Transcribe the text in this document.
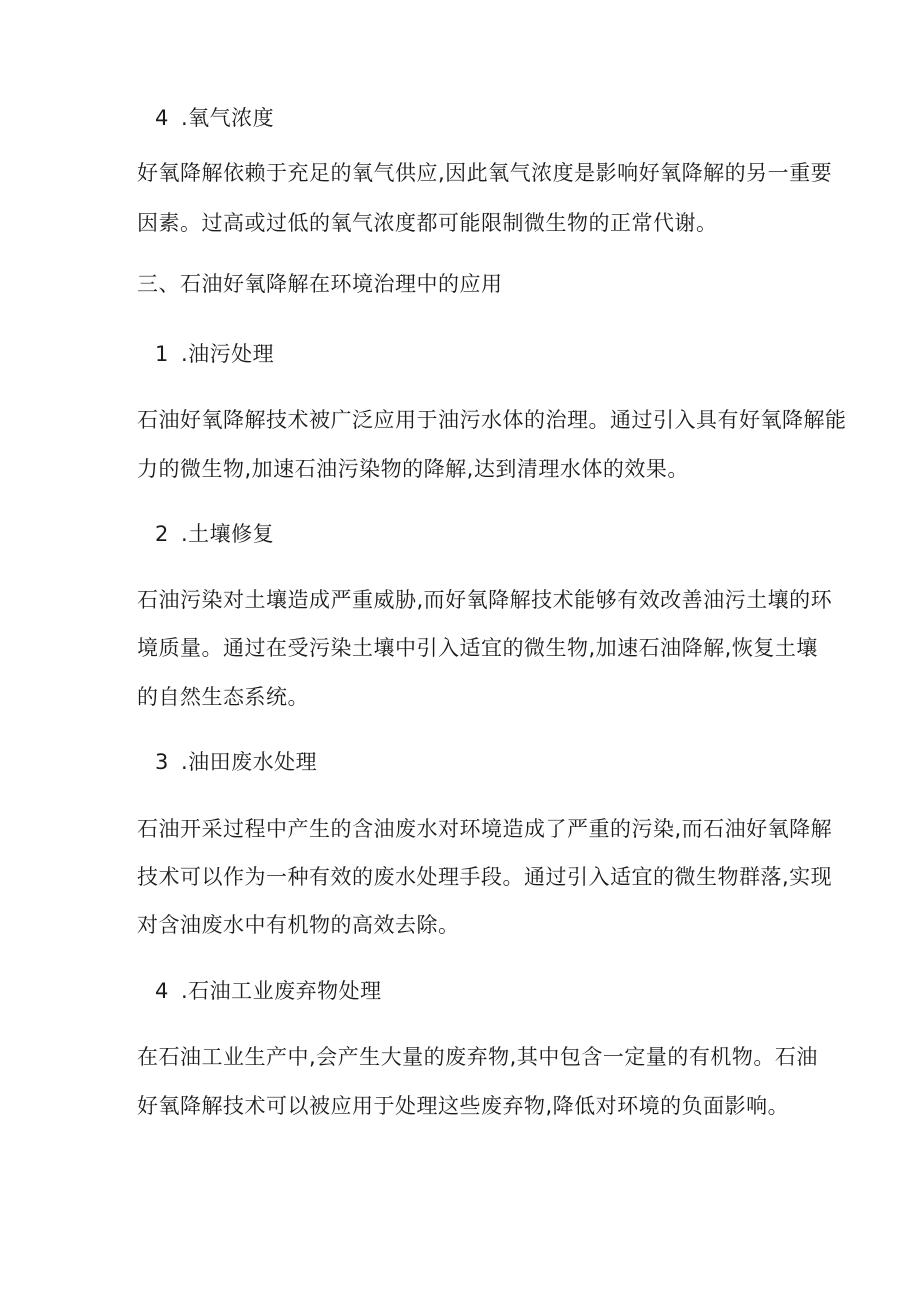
4 .氧气浓度

好氧降解依赖于充足的氧气供应,因此氧气浓度是影响好氧降解的另一重要

因素。过高或过低的氧气浓度都可能限制微生物的正常代谢。

三、石油好氧降解在环境治理中的应用

1 .油污处理

石油好氧降解技术被广泛应用于油污水体的治理。通过引入具有好氧降解能

力的微生物,加速石油污染物的降解,达到清理水体的效果。

2 .土壤修复

石油污染对土壤造成严重威胁,而好氧降解技术能够有效改善油污土壤的环

境质量。通过在受污染土壤中引入适宜的微生物,加速石油降解,恢复土壤

的自然生态系统。

3 .油田废水处理

石油开采过程中产生的含油废水对环境造成了严重的污染,而石油好氧降解

技术可以作为一种有效的废水处理手段。通过引入适宜的微生物群落,实现

对含油废水中有机物的高效去除。

4 .石油工业废弃物处理

在石油工业生产中,会产生大量的废弃物,其中包含一定量的有机物。石油

好氧降解技术可以被应用于处理这些废弃物,降低对环境的负面影响。
